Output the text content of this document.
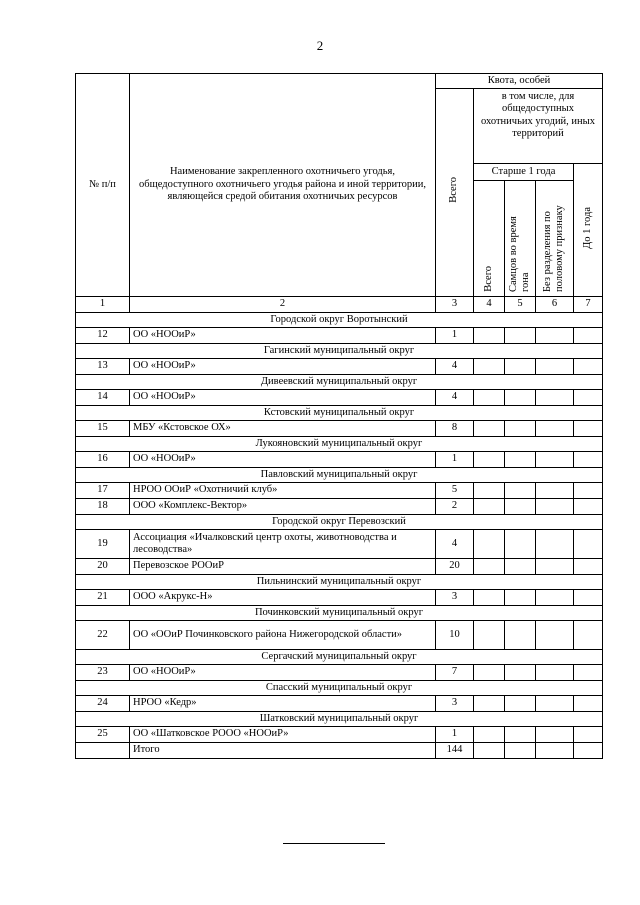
2
№ п/п	Наименование закрепленного охотничьего угодья, общедоступного охотничьего угодья района и иной территории, являющейся средой обитания охотничьих ресурсов	Квота, особей				
		Всего	в том числе, для общедоступных охотничьих угодий, иных территорий			
			Старше 1 года			До 1 года

			Всего	Самцов во время гона	Без разделения по половому признаку	

1	2	3	4	5	6	7
Городской округ Воротынский						
12	ОО «НООиР»	1				
Гагинский муниципальный округ						
13	ОО «НООиР»	4				
Дивеевский муниципальный округ						
14	ОО «НООиР»	4				
Кстовский муниципальный округ						
15	МБУ «Кстовское ОХ»	8				
Лукояновский муниципальный округ						
16	ОО «НООиР»	1				
Павловский муниципальный округ						
17	НРОО ООиР «Охотничий клуб»	5				
18	ООО «Комплекс-Вектор»	2				
Городской округ Перевозский						
19	Ассоциация «Ичалковский центр охоты, животноводства и лесоводства»	4				
20	Перевозское РООиР	20				
Пильнинский муниципальный округ						
21	ООО «Акрукс-Н»	3				
Починковский муниципальный округ						
22	ОО «ООиР Починковского района Нижегородской области»	10				
Сергачский муниципальный округ						
23	ОО «НООиР»	7				
Спасский муниципальный округ						
24	НРОО «Кедр»	3				
Шатковский муниципальный округ						
25	ОО «Шатковское РООО «НООиР»	1				
	Итого	144				
